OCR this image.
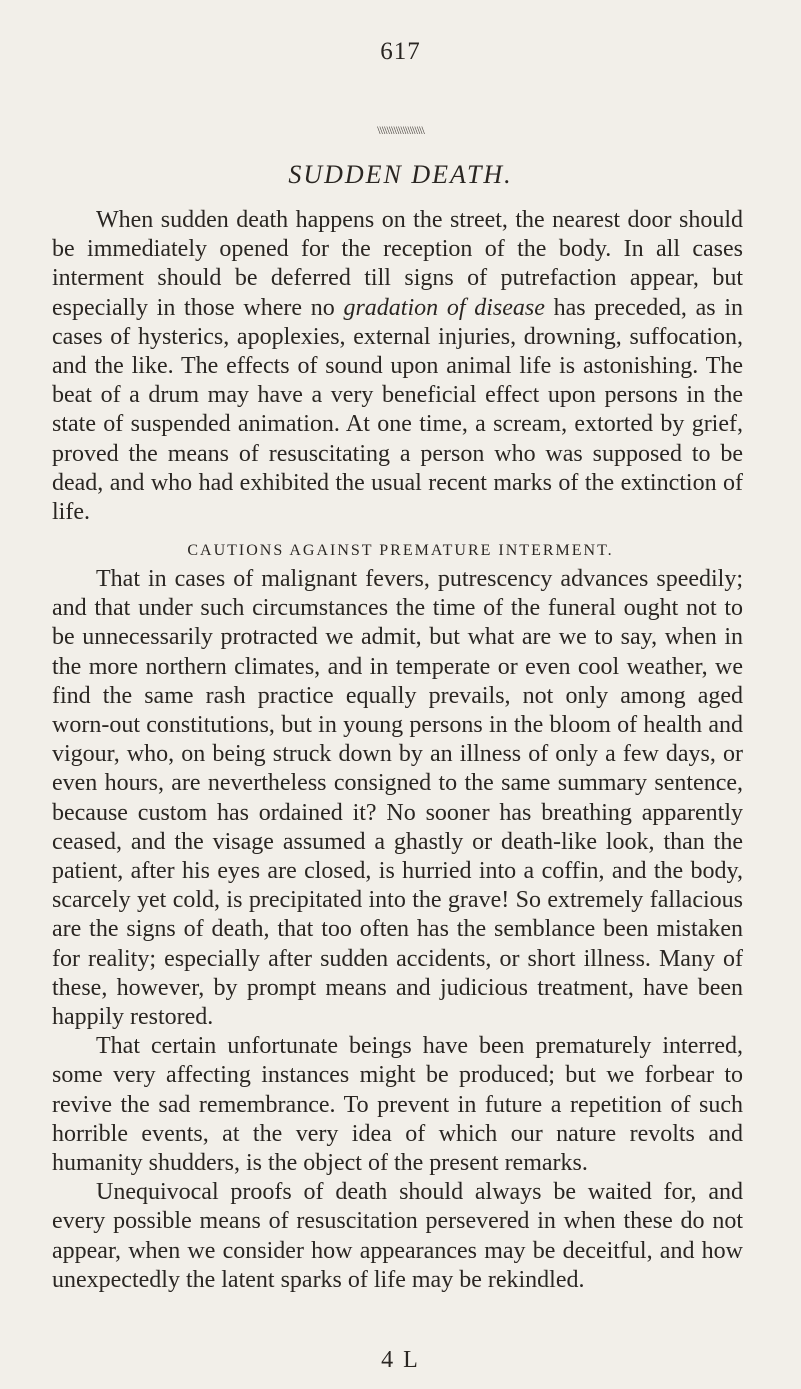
617
\\\\\\\\\\\\\\\\\\\\
SUDDEN DEATH.

When sudden death happens on the street, the nearest door should be immediately opened for the reception of the body. In all cases interment should be deferred till signs of putrefaction appear, but especially in those where no gradation of disease has preceded, as in cases of hysterics, apoplexies, external injuries, drowning, suffocation, and the like. The effects of sound upon animal life is astonishing. The beat of a drum may have a very beneficial effect upon persons in the state of suspended animation. At one time, a scream, extorted by grief, proved the means of resuscitating a person who was supposed to be dead, and who had exhibited the usual recent marks of the extinction of life.

CAUTIONS AGAINST PREMATURE INTERMENT.

That in cases of malignant fevers, putrescency advances speedily; and that under such circumstances the time of the funeral ought not to be unnecessarily protracted we admit, but what are we to say, when in the more northern climates, and in temperate or even cool weather, we find the same rash practice equally prevails, not only among aged worn-out constitutions, but in young persons in the bloom of health and vigour, who, on being struck down by an illness of only a few days, or even hours, are nevertheless consigned to the same summary sentence, because custom has ordained it? No sooner has breathing apparently ceased, and the visage assumed a ghastly or death-like look, than the patient, after his eyes are closed, is hurried into a coffin, and the body, scarcely yet cold, is precipitated into the grave! So extremely fallacious are the signs of death, that too often has the semblance been mistaken for reality; especially after sudden accidents, or short illness. Many of these, however, by prompt means and judicious treatment, have been happily restored.

That certain unfortunate beings have been prematurely interred, some very affecting instances might be produced; but we forbear to revive the sad remembrance. To prevent in future a repetition of such horrible events, at the very idea of which our nature revolts and humanity shudders, is the object of the present remarks.

Unequivocal proofs of death should always be waited for, and every possible means of resuscitation persevered in when these do not appear, when we consider how appearances may be deceitful, and how unexpectedly the latent sparks of life may be rekindled.

4 L
